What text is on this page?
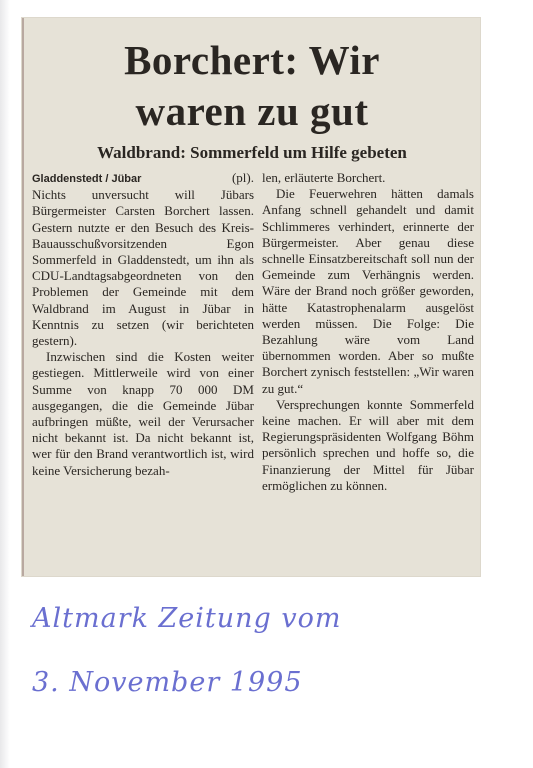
Borchert: Wir
waren zu gut
Waldbrand: Sommerfeld um Hilfe gebeten

Gladdenstedt / Jübar	(pl).

Nichts unversucht will Jübars Bürgermeister Carsten Borchert lassen. Gestern nutzte er den Besuch des Kreis-Bauausschußvorsitzenden Egon Sommerfeld in Gladdenstedt, um ihn als CDU-Landtagsabgeordneten von den Problemen der Gemeinde mit dem Waldbrand im August in Jübar in Kenntnis zu setzen (wir berichteten gestern).

Inzwischen sind die Kosten weiter gestiegen. Mittlerweile wird von einer Summe von knapp 70 000 DM ausgegangen, die die Gemeinde Jübar aufbringen müßte, weil der Verursacher nicht bekannt ist. Da nicht bekannt ist, wer für den Brand verantwortlich ist, wird keine Versicherung bezah-

len, erläuterte Borchert.

Die Feuerwehren hätten damals Anfang schnell gehandelt und damit Schlimmeres verhindert, erinnerte der Bürgermeister. Aber genau diese schnelle Einsatzbereitschaft soll nun der Gemeinde zum Verhängnis werden. Wäre der Brand noch größer geworden, hätte Katastrophenalarm ausgelöst werden müssen. Die Folge: Die Bezahlung wäre vom Land übernommen worden. Aber so mußte Borchert zynisch feststellen: „Wir waren zu gut.“

Versprechungen konnte Sommerfeld keine machen. Er will aber mit dem Regierungspräsidenten Wolfgang Böhm persönlich sprechen und hoffe so, die Finanzierung der Mittel für Jübar ermöglichen zu können.

Altmark Zeitung vom
3. November 1995
